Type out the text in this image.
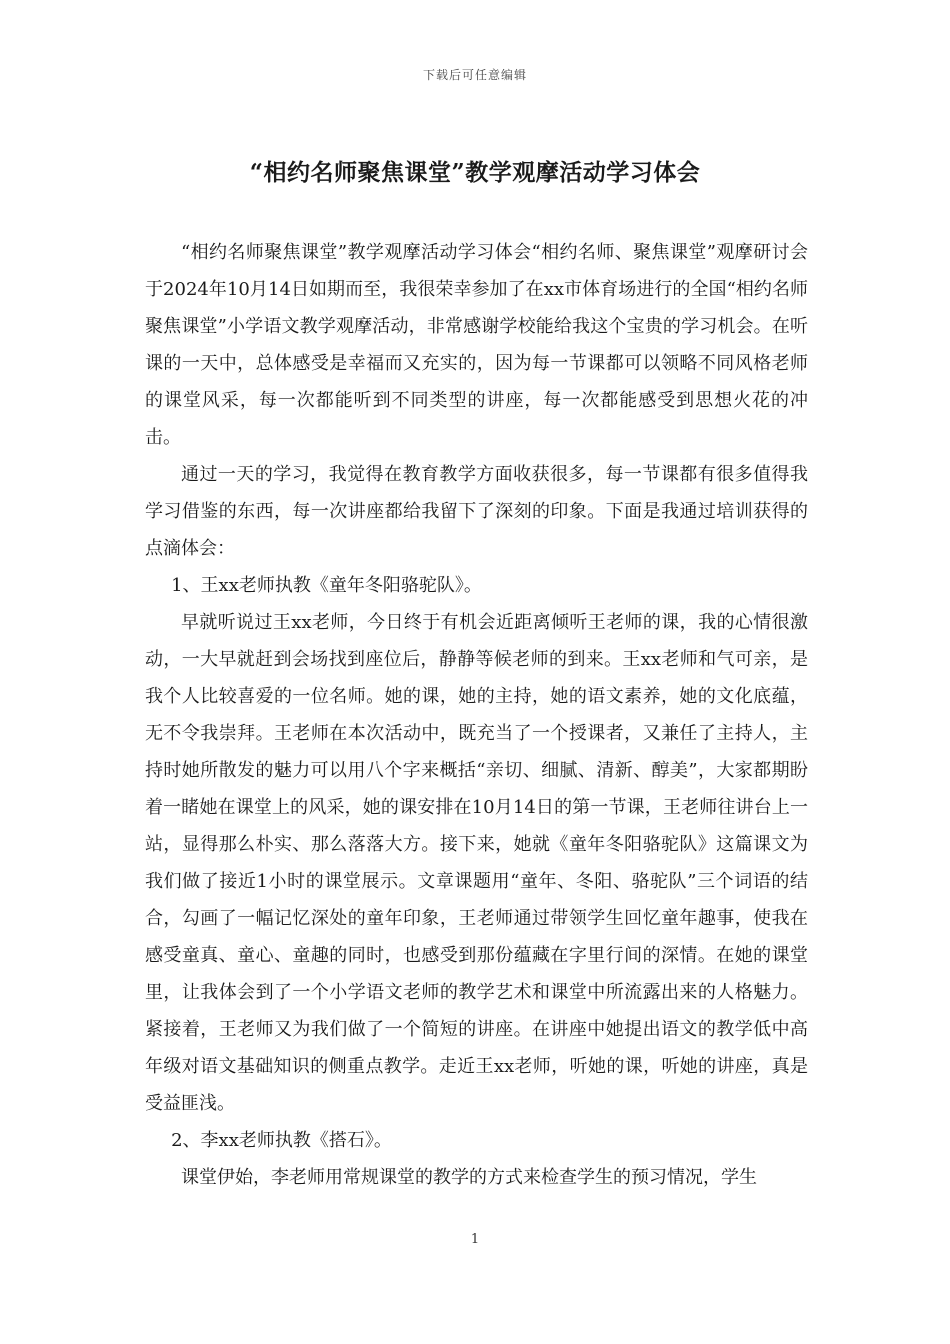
下载后可任意编辑
“相约名师聚焦课堂”教学观摩活动学习体会

“相约名师聚焦课堂”教学观摩活动学习体会“相约名师、聚焦课堂”观摩研讨会于2024年10月14日如期而至，我很荣幸参加了在xx市体育场进行的全国“相约名师聚焦课堂”小学语文教学观摩活动，非常感谢学校能给我这个宝贵的学习机会。在听课的一天中，总体感受是幸福而又充实的，因为每一节课都可以领略不同风格老师的课堂风采，每一次都能听到不同类型的讲座，每一次都能感受到思想火花的冲击。

通过一天的学习，我觉得在教育教学方面收获很多，每一节课都有很多值得我学习借鉴的东西，每一次讲座都给我留下了深刻的印象。下面是我通过培训获得的点滴体会：

1、王xx老师执教《童年冬阳骆驼队》。

早就听说过王xx老师，今日终于有机会近距离倾听王老师的课，我的心情很激动，一大早就赶到会场找到座位后，静静等候老师的到来。王xx老师和气可亲，是我个人比较喜爱的一位名师。她的课，她的主持，她的语文素养，她的文化底蕴，无不令我崇拜。王老师在本次活动中，既充当了一个授课者，又兼任了主持人，主持时她所散发的魅力可以用八个字来概括“亲切、细腻、清新、醇美”，大家都期盼着一睹她在课堂上的风采，她的课安排在10月14日的第一节课，王老师往讲台上一站，显得那么朴实、那么落落大方。接下来，她就《童年冬阳骆驼队》这篇课文为我们做了接近1小时的课堂展示。文章课题用“童年、冬阳、骆驼队”三个词语的结合，勾画了一幅记忆深处的童年印象，王老师通过带领学生回忆童年趣事，使我在感受童真、童心、童趣的同时，也感受到那份蕴藏在字里行间的深情。在她的课堂里，让我体会到了一个小学语文老师的教学艺术和课堂中所流露出来的人格魅力。紧接着，王老师又为我们做了一个简短的讲座。在讲座中她提出语文的教学低中高年级对语文基础知识的侧重点教学。走近王xx老师，听她的课，听她的讲座，真是受益匪浅。

2、李xx老师执教《搭石》。

课堂伊始，李老师用常规课堂的教学的方式来检查学生的预习情况，学生

1
